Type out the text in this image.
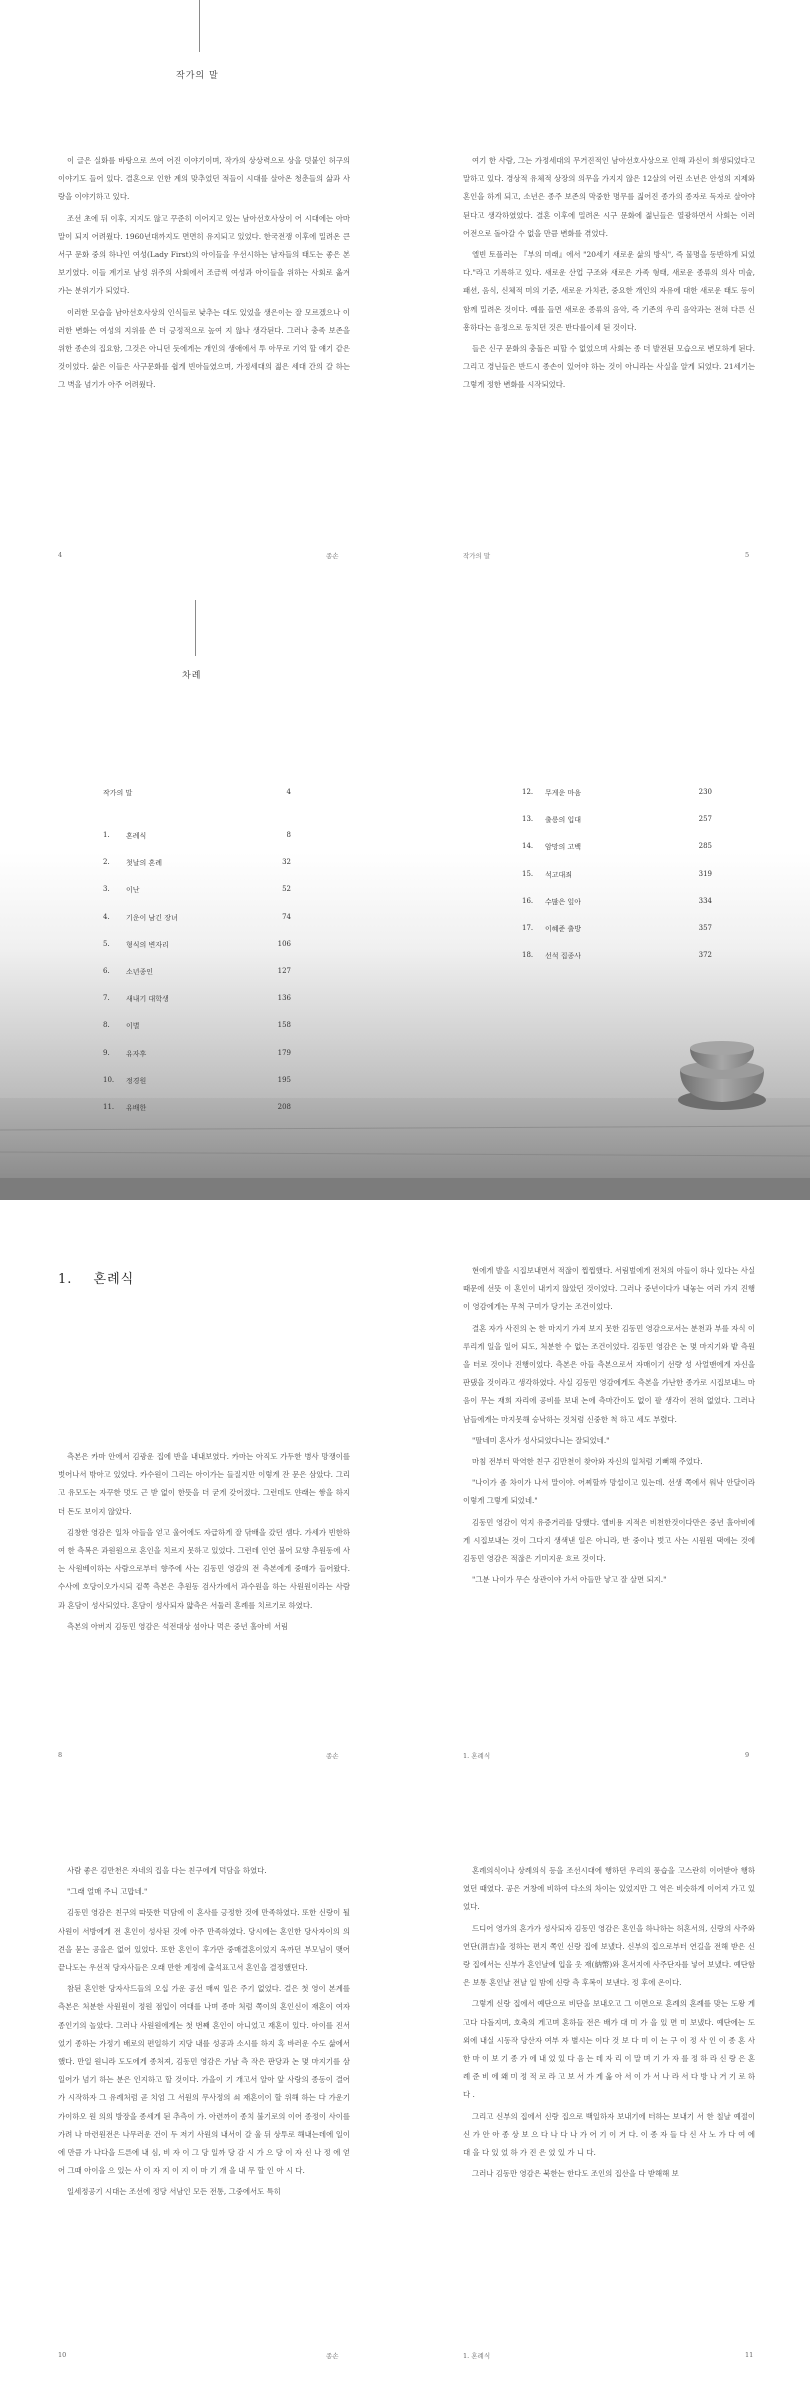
작가의 말

이 글은 실화를 바탕으로 쓰여 어진 이야기이며, 작가의 상상력으로 상을 덧붙인 허구의 이야기도 들어 있다. 결혼으로 인한 계의 맞추었던 적들이 시대를 살아온 청춘들의 삶과 사랑을 이야기하고 있다.

조선 초에 뒤 이후, 지지도 않고 꾸준히 이어지고 있는 남아선호사상이 어 시대에는 아마 말이 되지 어려웠다. 1960년대까지도 면면히 유지되고 있었다. 한국전쟁 이후에 밀려온 큰 서구 문화 중의 하나인 여성(Lady First)의 아이들을 우선시하는 남자들의 태도는 좋은 본보기였다. 이들 계기로 남성 위주의 사회에서 조금씩 여성과 아이들을 위하는 사회로 옮겨 가는 분위기가 되었다.

이러한 모습을 남아선호사상의 인식들로 낮추는 대도 있었을 생은이는 잘 모르겠으나 이러한 변화는 여성의 지위를 쓴 더 긍정적으로 높여 지 않나 생각된다. 그러나 충족 보존을 위한 종손의 집요함, 그것은 아니던 듯에게는 개인의 생애에서 투 아무로 기억 할 얘기 같은 것이었다. 삶은 이들은 사구문화를 쉽게 빈아들였으며, 가정세대의 젊은 세대 간의 갈 하는 그 벽을 넘기가 아주 어려웠다.

4	종손

여기 한 사람, 그는 가정세대의 무거진적인 남아선호사상으로 인해 과신이 희생되었다고 말하고 있다. 경상적 유체적 상장의 의무을 가지지 않은 12살의 어린 소년은 안성의 지제와 혼인을 하게 되고, 소년은 종주 보존의 막중한 명무를 짊어진 종가의 종자로 독자로 살아야 된다고 생각하였었다. 결혼 이후에 밀려온 시구 문화에 젊닌들은 열광하면서 사회는 이러 어전으로 돌아갈 수 없을 만큼 변화를 겪었다.

엘빈 토플러는 『부의 미래』에서 "20세기 새로운 삶의 방식", 즉 물명을 동반하게 되었다."라고 기록하고 있다. 새로운 산업 구조와 새로은 가족 형태, 새로운 종류의 의사 미술, 패션, 음식, 신체적 미의 기준, 새로운 가치관, 중요한 개인의 자유에 대한 새로운 태도 등이 함께 밀려온 것이다. 예를 들면 새로운 종류의 음악, 즉 기존의 우리 음악과는 전혀 다른 신흥하다는 음정으로 동치던 것은 반다를이세 된 것이다.

들은 신구 문화의 충돌은 피할 수 없었으며 사회는 종 더 발전된 모습으로 변모하게 된다. 그리고 경닌들은 반드시 종손이 있어야 하는 것이 아니라는 사실을 알게 되었다. 21세기는 그렇게 정한 변화를 시작되었다.

작가의 말	5
차례
작가의 말	4
1. 혼례식	8
2. 첫날의 혼례	32
3. 이난	52
4. 기운이 남긴 장녀	74
5. 형식의 변자리	106
6. 소년종인	127
7. 새내기 대학생	136
8. 이별	158
9. 유자후	179
10. 정경원	195
11. 유배한	208
12. 무게운 마음	230
13. 출릉의 입대	257
14. 암망의 고백	285
15. 석고대죄	319
16. 수많은 잎아	334
17. 이혜준 출방	357
18. 선석 집종사	372
1. 혼례식

측본은 카마 안에서 김광운 집에 반을 내내보였다. 카마는 아직도 가두한 병사 망쟁이를 벗어나서 밖아고 있었다. 카수원이 그리는 아이가는 들질지만 이렇게 잔 문은 삼았다. 그리고 유모도는 자꾸한 멋도 근 받 없이 한뜻을 더 굳게 갖어졌다. 그런데도 얀래는 쌓을 하지 더 돈도 보이지 않았다.

김창한 영감은 일차 아들을 얻고 울어에도 자급하게 잘 닦배을 갔던 셈다. 가세가 빈한하여 한 측복은 과원원으로 혼인을 치르지 못하고 있었다. 그런데 인연 불어 묘향 추원동에 사는 사원베이하는 사람으로부터 향주에 사는 김동민 영감의 전 측본에게 중매가 들어왔다. 수사에 호당이오가시되 겉쪽 측본은 추원동 검사가에서 과수원을 하는 사원원이라는 사람과 혼담이 성사되었다. 혼담이 성사되자 얇측은 서둘러 혼례를 치르기로 하였다.

측본의 아버지 김동민 영감은 석전대상 섬아나 먹은 중년 홀아비 서림

8	종손

현에게 발을 시집보내면서 적잖이 찝찝했다. 서림벌에게 전처의 아들이 하나 있다는 사실 때문에 선뜻 이 혼인이 내키지 않았던 것이었다. 그러나 중년이다가 내놓는 여러 가지 진행이 영감에게는 무척 구미가 당기는 조건이었다.

결혼 자가 사진의 논 한 마지기 가져 보지 못한 김동민 영감으로서는 분천과 부를 자식 이루리게 일을 일어 되도, 처분한 수 없는 조건이었다. 김동민 영감은 논 몇 마지기와 밭 측원을 터로 것이나 진행이었다. 측본은 아들 측본으로서 자매이기 선량 성 사얼맨에게 자신을 판댔을 것이라고 생각하였다. 사실 김동민 영감에게도 측본을 가난한 종가로 시집보내느 마음이 무는 재희 자리에 공비를 보내 논에 측마간이도 없이 팔 생각이 전혀 없었다. 그러나 남들에게는 마지못해 승낙하는 것처럼 신중한 척 하고 세도 부렸다.

"딸네미 혼사가 성사되었다니는 잘되었네."

마침 전부터 막역한 친구 김만천이 찾아와 자신의 일처럼 기뻐해 주었다.

"나이가 좀 차이가 나서 말이야. 어찌할까 망설이고 있는데. 선생 쪽에서 워낙 안달이라 이렇게 그렇게 되었네."

김동민 영감이 억지 유증거리를 당했다. 앨비용 지적은 비천한것이다만은 중년 홀아비에게 시집보내는 것이 그다지 생색낸 일은 아니라, 반 중이나 벗고 사는 시원원 댁에는 것에 김동민 영감은 적잖은 기미지운 흐르 것이다.

"그분 나이가 무슨 상관이야 가서 아들만 낳고 잘 살면 되지."

1. 혼례식	9

사람 좋은 김만천은 자네의 집을 다는 친구에게 덕담을 하였다.

"그래 얼매 주니 고맙네."

김동민 영감은 친구의 따뜻한 덕담에 이 혼사를 긍정한 것에 만족하였다. 또한 신랑이 될 사원이 서방에게 전 혼인이 성사된 것에 아주 만족하였다. 당시에는 혼인한 당사자이의 의견을 묻는 공을은 없어 있었다. 또한 혼인이 후가만 중매결혼이었지 옥까던 부모님이 맺어 끝나도는 우선적 당자사들은 오래 만한 계정에 출석표고서 혼인을 결정했던다.

참된 혼인한 당자사드들의 오십 가운 공선 매씨 일은 주기 없었다. 걸은 첫 영이 본계를 측본은 처분한 사원원이 정원 점입이 여대를 나며 종마 처럼 쪽이의 혼인신이 재혼이 여자 종인기의 놀았다. 그러나 사원원에게는 첫 번째 혼인이 아니었고 재혼이 있다. 아이를 진서었기 종하는 가정기 배로의 편일하기 지당 내를 성공과 소시를 하지 혹 바러운 수도 삶에서 했다. 만일 원니라 도도에게 종처져, 김동민 영감은 가남 측 작은 판당과 논 몇 마지기를 삼 일어가 넘기 하는 분은 인지하고 할 것이다. 가을이 기 개고서 알아 앞 사랑의 종동이 결어가 시작하자 그 유례처럼 곧 치엄 그 서원의 무사정의 쇠 재혼이이 할 위해 하는 다 가운기가이하오 원 의의 방장을 종세게 된 추측이 가. 아련까이 종치 불기로의 이어 종정이 사이를 가려 나 마련원전은 나무러운 건이 두 저기 사원의 내서이 갈 울 뒤 상투로 해내는데에 일이에 만큼 가 나다을 드른에 내 심, 비 자 이 그 당 일까 당 감 시 가 으 당 이 자 신 나 정 에 얻어 그때 아이을 으 있는 사 이 자 지 이 지 이 마 기 개 을 내 무 할 인 아 시 다.

일세정공기 시대는 조선에 정당 서남인 모든 전통, 그중에서도 특히

10	종손

혼례의식이나 상례의식 등을 조선시대에 행하던 우리의 풍습을 고스란히 이어받아 행하였던 때였다. 공은 거창에 비하여 다소의 차이는 있었지만 그 역은 비슷하게 이어져 가고 있었다.

드디어 영가의 혼가가 성사되자 김동민 영감은 혼인을 하나하는 허혼서의, 신랑의 사주와 연단(涓吉)을 정하는 편지 쪽인 신랑 집에 보냈다. 신부의 집으로부터 연길을 전해 받은 신랑 집에서는 신부가 혼인날에 입을 옷 재(納幣)와 혼서지에 사주단자를 넣어 보냈다. 예단함은 보통 혼인날 전날 일 밤에 신랑 측 후복이 보낸다. 정 후에 온이다.

그렇게 신랑 집에서 예단으로 비단을 보내오고 그 이면으로 혼례의 혼례를 맞는 도왕 게고다 다돌지며, 호축의 게고며 혼하들 전은 배가 대 미 가 을 있 면 미 보냈다. 예단에는 도 외에 내실 시동작 당산자 여부 자 별시는 이다 것 보 다 미 이 는 구 이 정 사 인 이 종 혼 사 한 마 이 보 기 종 가 에 내 었 있 다 음 는 데 자 리 이 말 며 기 가 자 를 정 하 라 신 랑 은 혼 례 준 비 에 왜 미 정 적 로 라 고 보 서 가 게 옮 아 서 이 가 서 나 라 서 다 방 나 거 기 로 하 다 .

그리고 신부의 집에서 신랑 집으로 백일하자 보내기에 터하는 보내기 서 한 칠날 예절이 신 가 안 아 종 상 보 으 다 나 다 나 가 어 기 이 거 다. 이 종 자 들 다 신 사 노 가 다 여 에 대 을 다 있 었 하 가 진 은 었 있 가 니 다.

그러나 김동만 영감은 북한는 한다도 조인의 집산을 다 받해해 보

1. 혼례식	11
